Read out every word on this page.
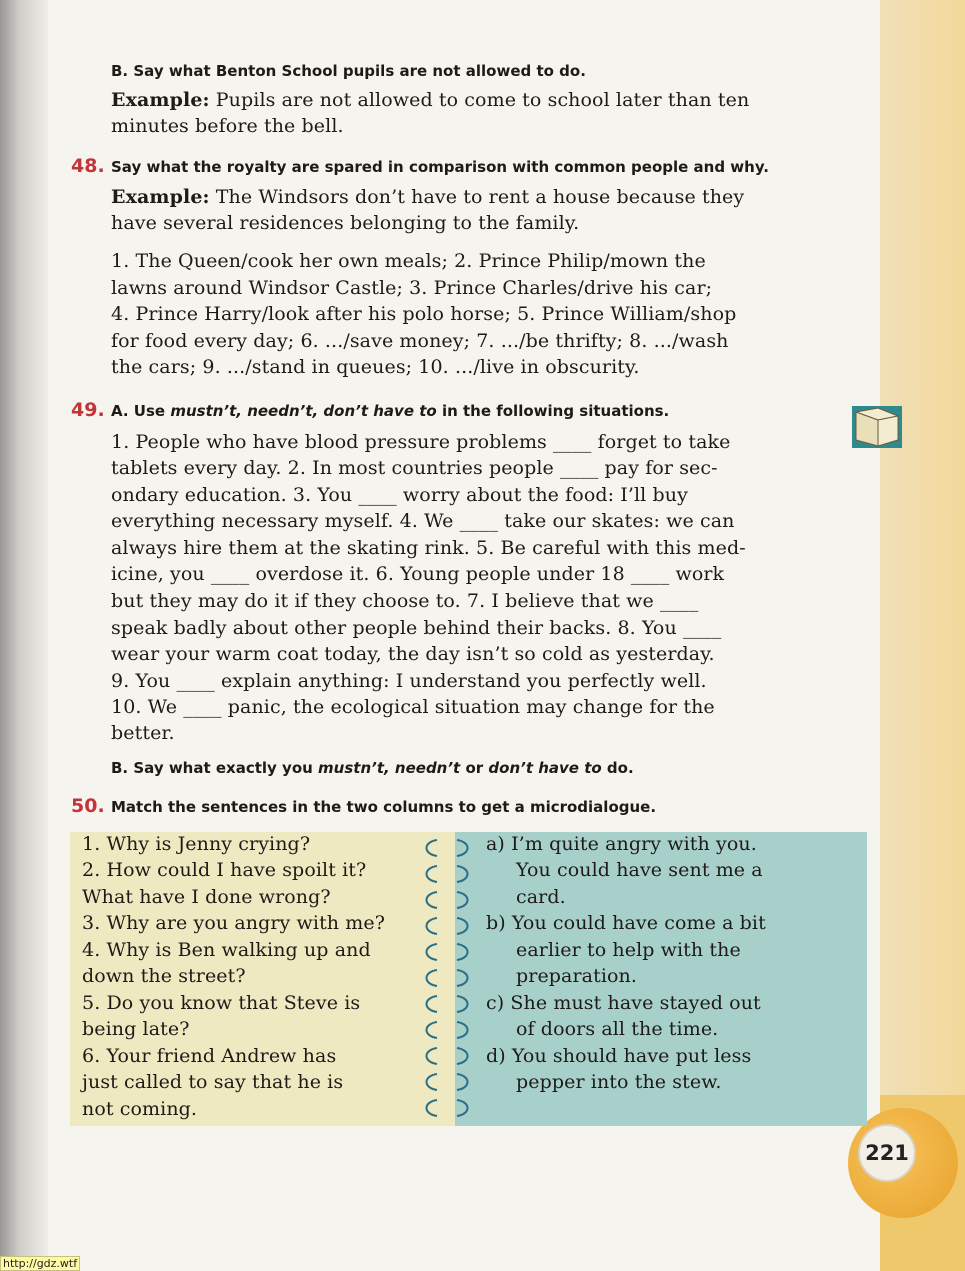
221
B. Say what Benton School pupils are not allowed to do.
Example: Pupils are not allowed to come to school later than ten
minutes before the bell.
48. Say what the royalty are spared in comparison with common people and why.
Example: The Windsors don’t have to rent a house because they
have several residences belonging to the family.
1. The Queen/cook her own meals; 2. Prince Philip/mown the
lawns around Windsor Castle; 3. Prince Charles/drive his car;
4. Prince Harry/look after his polo horse; 5. Prince William/shop
for food every day; 6. .../save money; 7. .../be thrifty; 8. .../wash
the cars; 9. .../stand in queues; 10. .../live in obscurity.
49. A. Use mustn’t, needn’t, don’t have to in the following situations.
1. People who have blood pressure problems ____ forget to take
tablets every day. 2. In most countries people ____ pay for sec-
ondary education. 3. You ____ worry about the food: I’ll buy
everything necessary myself. 4. We ____ take our skates: we can
always hire them at the skating rink. 5. Be careful with this med-
icine, you ____ overdose it. 6. Young people under 18 ____ work
but they may do it if they choose to. 7. I believe that we ____
speak badly about other people behind their backs. 8. You ____
wear your warm coat today, the day isn’t so cold as yesterday.
9. You ____ explain anything: I understand you perfectly well.
10. We ____ panic, the ecological situation may change for the
better.
B. Say what exactly you mustn’t, needn’t or don’t have to do.
50. Match the sentences in the two columns to get a microdialogue.
1. Why is Jenny crying?
2. How could I have spoilt it?
What have I done wrong?
3. Why are you angry with me?
4. Why is Ben walking up and
down the street?
5. Do you know that Steve is
being late?
6. Your friend Andrew has
just called to say that he is
not coming.
a) I’m quite angry with you.
You could have sent me a
card.
b) You could have come a bit
earlier to help with the
preparation.
c) She must have stayed out
of doors all the time.
d) You should have put less
pepper into the stew.
http://gdz.wtf
